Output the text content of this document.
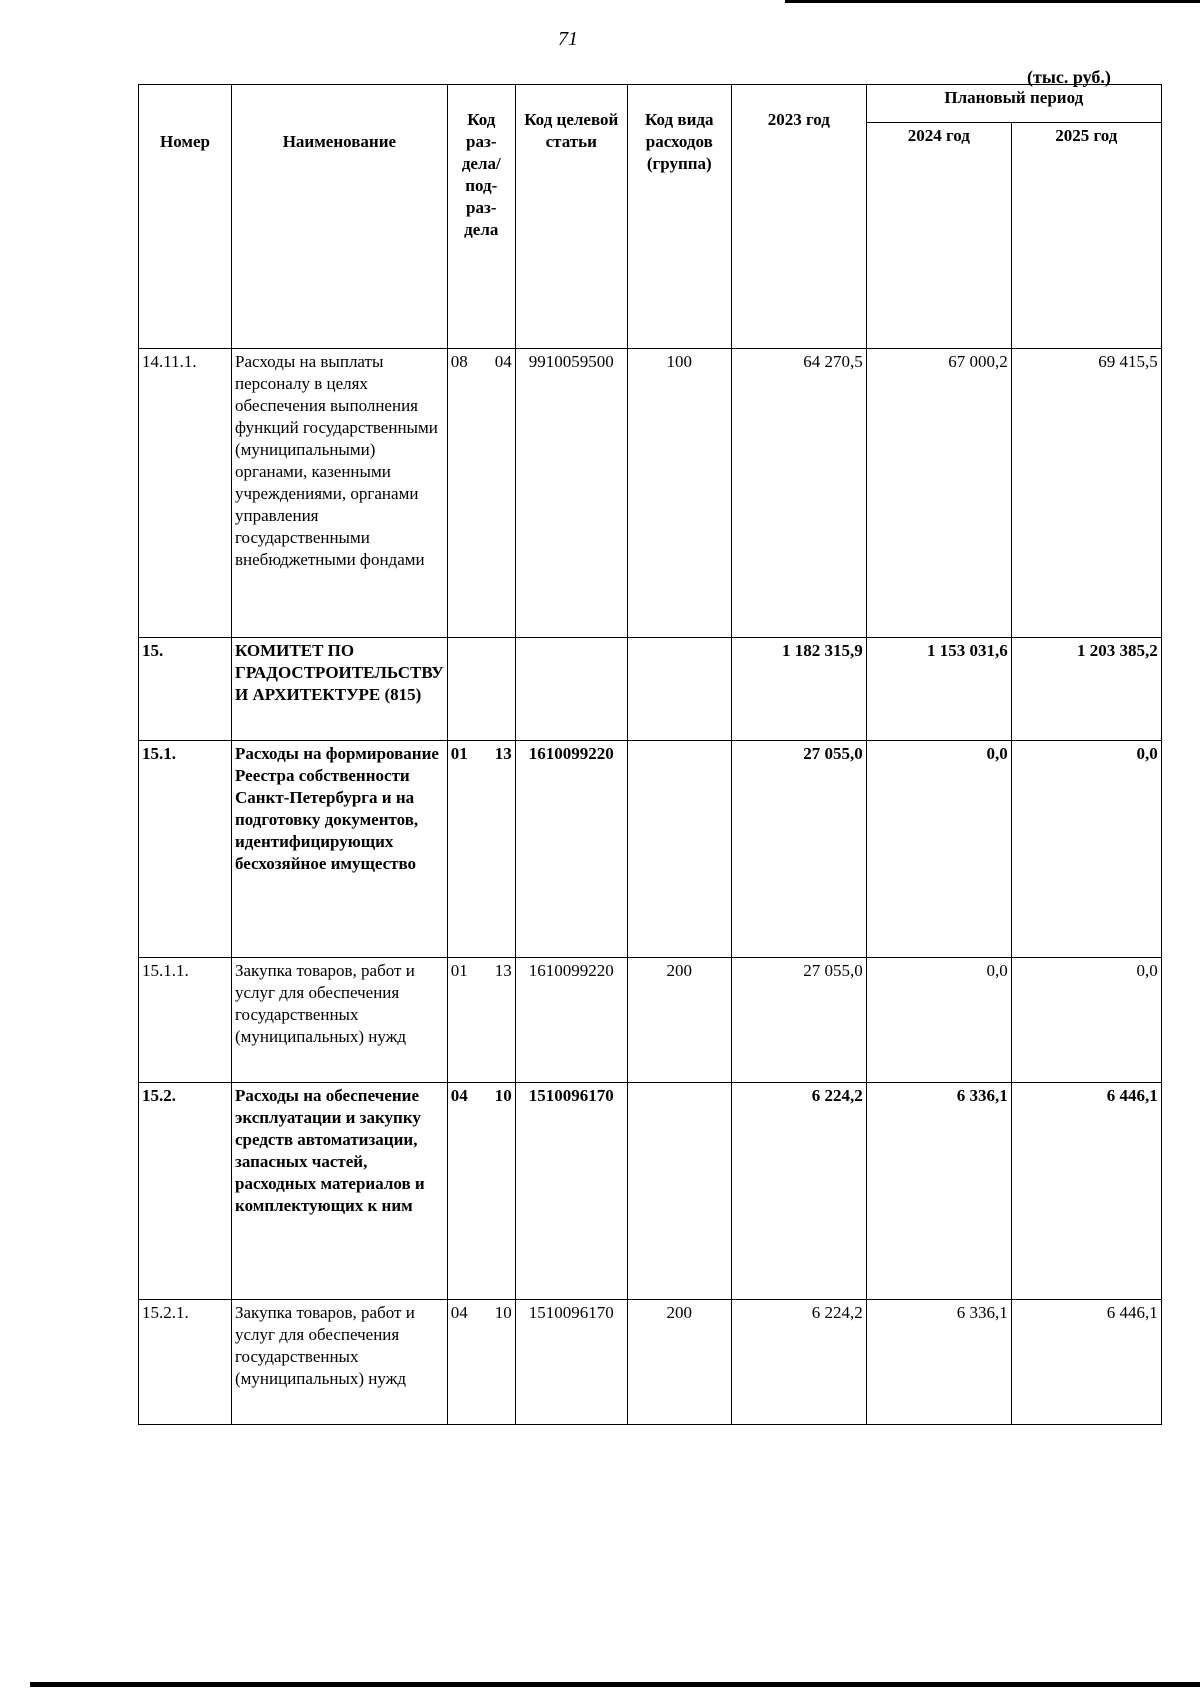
71
(тыс. руб.)
Номер	Наименование	Код раз-дела/ под-раз-дела	Код целевой статьи	Код вида расходов (группа)	2023 год	Плановый период	
						2024 год	2025 год
14.11.1.	Расходы на выплаты персоналу в целях обеспечения выполнения функций государственными (муниципальными) органами, казенными учреждениями, органами управления государственными внебюджетными фондами	08 04	9910059500	100	64 270,5	67 000,2	69 415,5
15.	КОМИТЕТ ПО ГРАДОСТРОИТЕЛЬСТВУ И АРХИТЕКТУРЕ (815)				1 182 315,9	1 153 031,6	1 203 385,2
15.1.	Расходы на формирование Реестра собственности Санкт-Петербурга и на подготовку документов, идентифицирующих бесхозяйное имущество	01 13	1610099220		27 055,0	0,0	0,0
15.1.1.	Закупка товаров, работ и услуг для обеспечения государственных (муниципальных) нужд	01 13	1610099220	200	27 055,0	0,0	0,0
15.2.	Расходы на обеспечение эксплуатации и закупку средств автоматизации, запасных частей, расходных материалов и комплектующих к ним	04 10	1510096170		6 224,2	6 336,1	6 446,1
15.2.1.	Закупка товаров, работ и услуг для обеспечения государственных (муниципальных) нужд	04 10	1510096170	200	6 224,2	6 336,1	6 446,1
